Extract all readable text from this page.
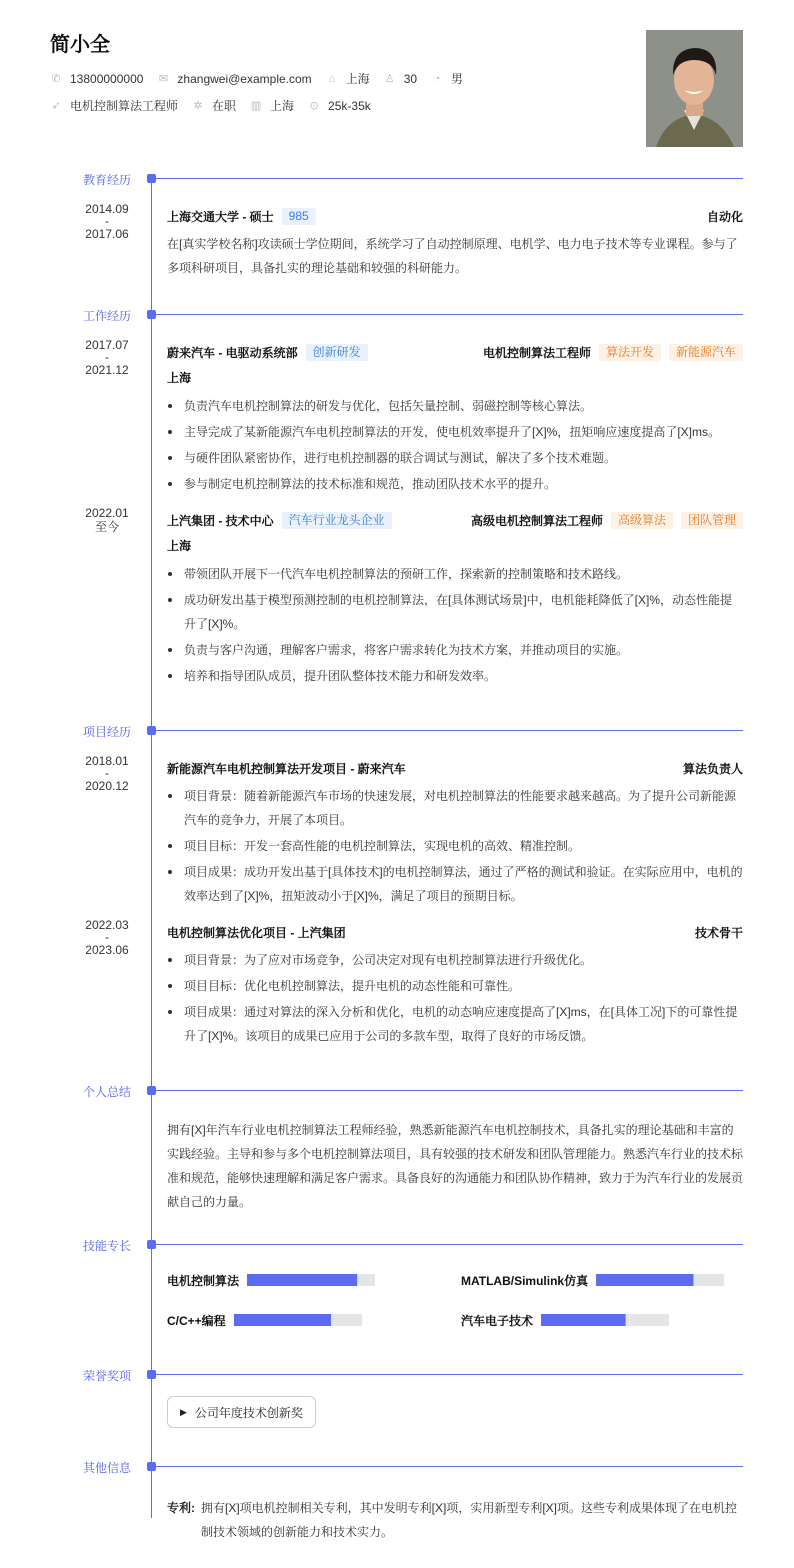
简小全
✆ 13800000000 ✉ zhangwei@example.com ⌂ 上海 ♙ 30 ◔ 男
➶ 电机控制算法工程师 ✲ 在职 ▥ 上海 ⊙ 25k-35k
教育经历
2014.09
-
2017.06
上海交通大学 - 硕士	985	自动化
在[真实学校名称]攻读硕士学位期间，系统学习了自动控制原理、电机学、电力电子技术等专业课程。参与了多项科研项目，具备扎实的理论基础和较强的科研能力。
工作经历
2017.07
-
2021.12
蔚来汽车 - 电驱动系统部	创新研发	电机控制算法工程师	算法开发	新能源汽车
上海
负责汽车电机控制算法的研发与优化，包括矢量控制、弱磁控制等核心算法。
主导完成了某新能源汽车电机控制算法的开发，使电机效率提升了[X]%，扭矩响应速度提高了[X]ms。
与硬件团队紧密协作，进行电机控制器的联合调试与测试，解决了多个技术难题。
参与制定电机控制算法的技术标准和规范，推动团队技术水平的提升。
2022.01
至今	上汽集团 - 技术中心	汽车行业龙头企业	高级电机控制算法工程师	高级算法	团队管理
上海
带领团队开展下一代汽车电机控制算法的预研工作，探索新的控制策略和技术路线。
成功研发出基于模型预测控制的电机控制算法，在[具体测试场景]中，电机能耗降低了[X]%，动态性能提升了[X]%。
负责与客户沟通，理解客户需求，将客户需求转化为技术方案，并推动项目的实施。
培养和指导团队成员，提升团队整体技术能力和研发效率。
项目经历
2018.01
-
2020.12
新能源汽车电机控制算法开发项目 - 蔚来汽车	算法负责人
项目背景：随着新能源汽车市场的快速发展，对电机控制算法的性能要求越来越高。为了提升公司新能源汽车的竞争力，开展了本项目。
项目目标：开发一套高性能的电机控制算法，实现电机的高效、精准控制。
项目成果：成功开发出基于[具体技术]的电机控制算法，通过了严格的测试和验证。在实际应用中，电机的效率达到了[X]%，扭矩波动小于[X]%，满足了项目的预期目标。
2022.03
-
2023.06
电机控制算法优化项目 - 上汽集团	技术骨干
项目背景：为了应对市场竞争，公司决定对现有电机控制算法进行升级优化。
项目目标：优化电机控制算法，提升电机的动态性能和可靠性。
项目成果：通过对算法的深入分析和优化，电机的动态响应速度提高了[X]ms，在[具体工况]下的可靠性提升了[X]%。该项目的成果已应用于公司的多款车型，取得了良好的市场反馈。
个人总结
拥有[X]年汽车行业电机控制算法工程师经验，熟悉新能源汽车电机控制技术，具备扎实的理论基础和丰富的实践经验。主导和参与多个电机控制算法项目，具有较强的技术研发和团队管理能力。熟悉汽车行业的技术标准和规范，能够快速理解和满足客户需求。具备良好的沟通能力和团队协作精神，致力于为汽车行业的发展贡献自己的力量。
技能专长
电机控制算法	MATLAB/Simulink仿真
C/C++编程	汽车电子技术
荣誉奖项
▶ 公司年度技术创新奖
其他信息
专利: 拥有[X]项电机控制相关专利，其中发明专利[X]项，实用新型专利[X]项。这些专利成果体现了在电机控制技术领域的创新能力和技术实力。
